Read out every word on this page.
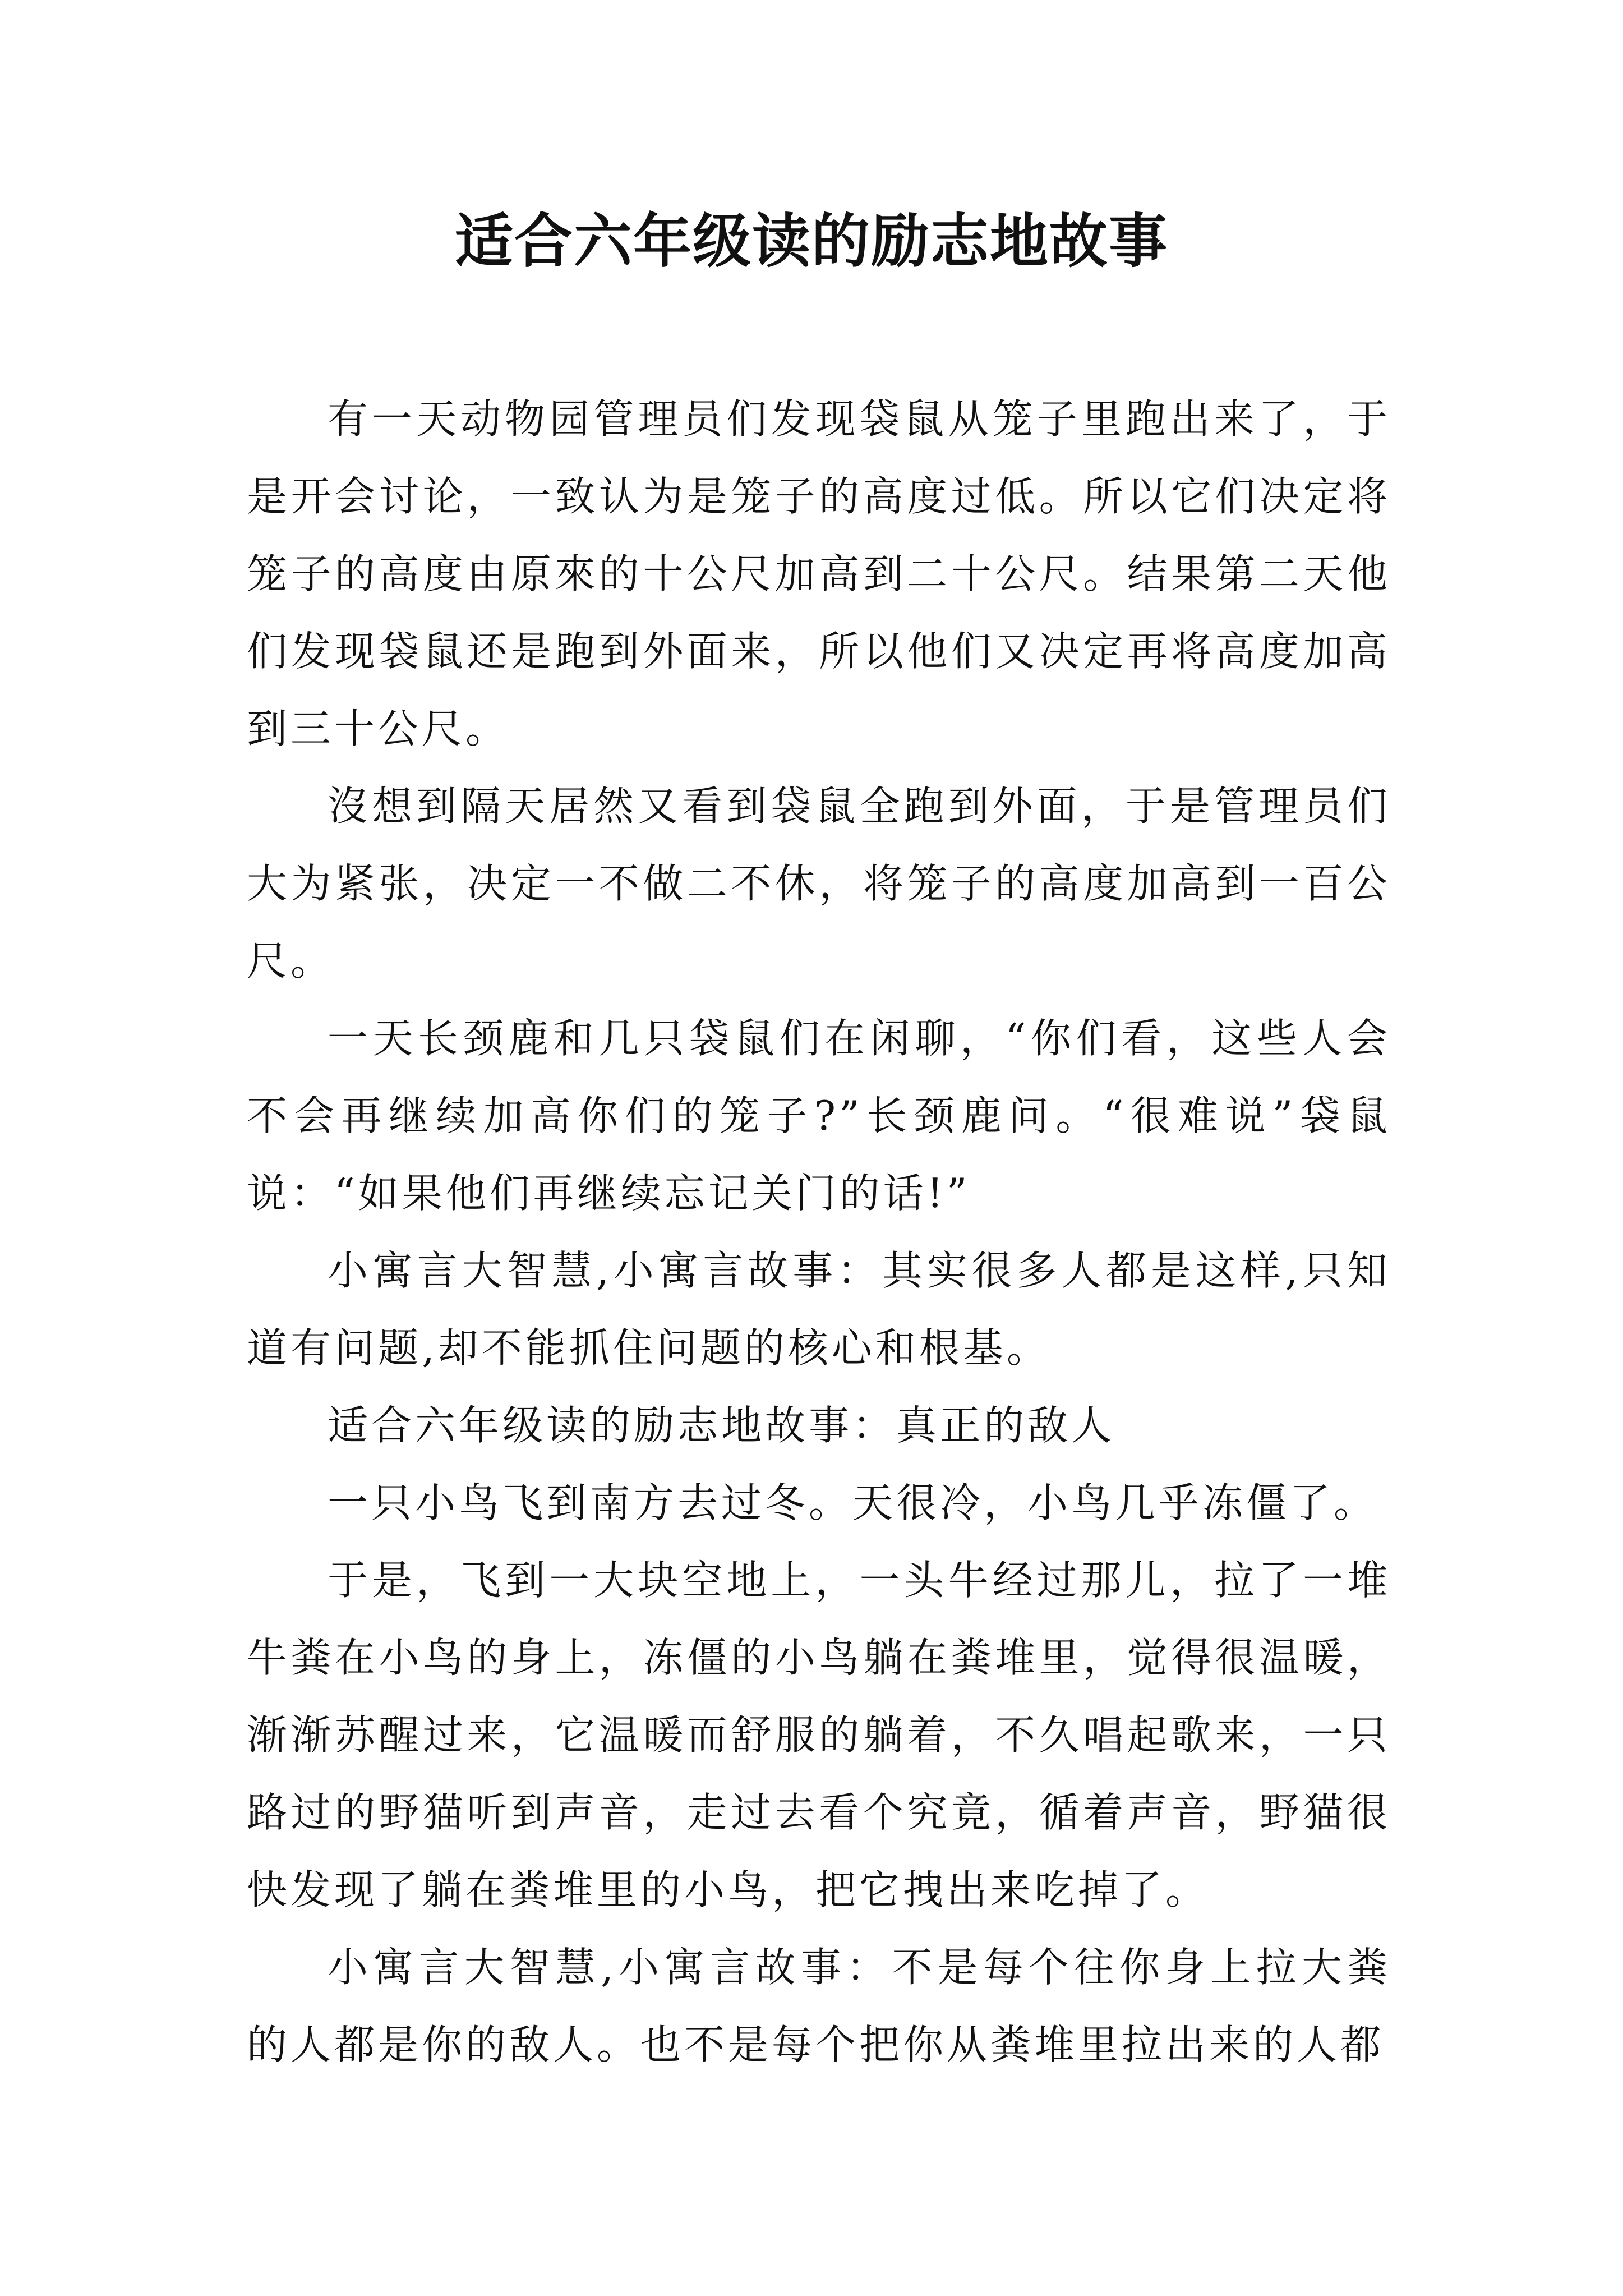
适合六年级读的励志地故事

有一天动物园管理员们发现袋鼠从笼子里跑出来了，于是开会讨论，一致认为是笼子的高度过低。所以它们决定将笼子的高度由原來的十公尺加高到二十公尺。结果第二天他们发现袋鼠还是跑到外面来，所以他们又决定再将高度加高到三十公尺。

沒想到隔天居然又看到袋鼠全跑到外面，于是管理员们大为紧张，决定一不做二不休，将笼子的高度加高到一百公尺。

一天长颈鹿和几只袋鼠们在闲聊，“你们看，这些人会不会再继续加高你们的笼子?”长颈鹿问。“很难说”袋鼠说：“如果他们再继续忘记关门的话!”

小寓言大智慧,小寓言故事：其实很多人都是这样,只知道有问题,却不能抓住问题的核心和根基。

适合六年级读的励志地故事：真正的敌人

一只小鸟飞到南方去过冬。天很冷，小鸟几乎冻僵了。

于是，飞到一大块空地上，一头牛经过那儿，拉了一堆牛粪在小鸟的身上，冻僵的小鸟躺在粪堆里，觉得很温暖，渐渐苏醒过来，它温暖而舒服的躺着，不久唱起歌来，一只路过的野猫听到声音，走过去看个究竟，循着声音，野猫很快发现了躺在粪堆里的小鸟，把它拽出来吃掉了。

小寓言大智慧,小寓言故事：不是每个往你身上拉大粪的人都是你的敌人。也不是每个把你从粪堆里拉出来的人都
